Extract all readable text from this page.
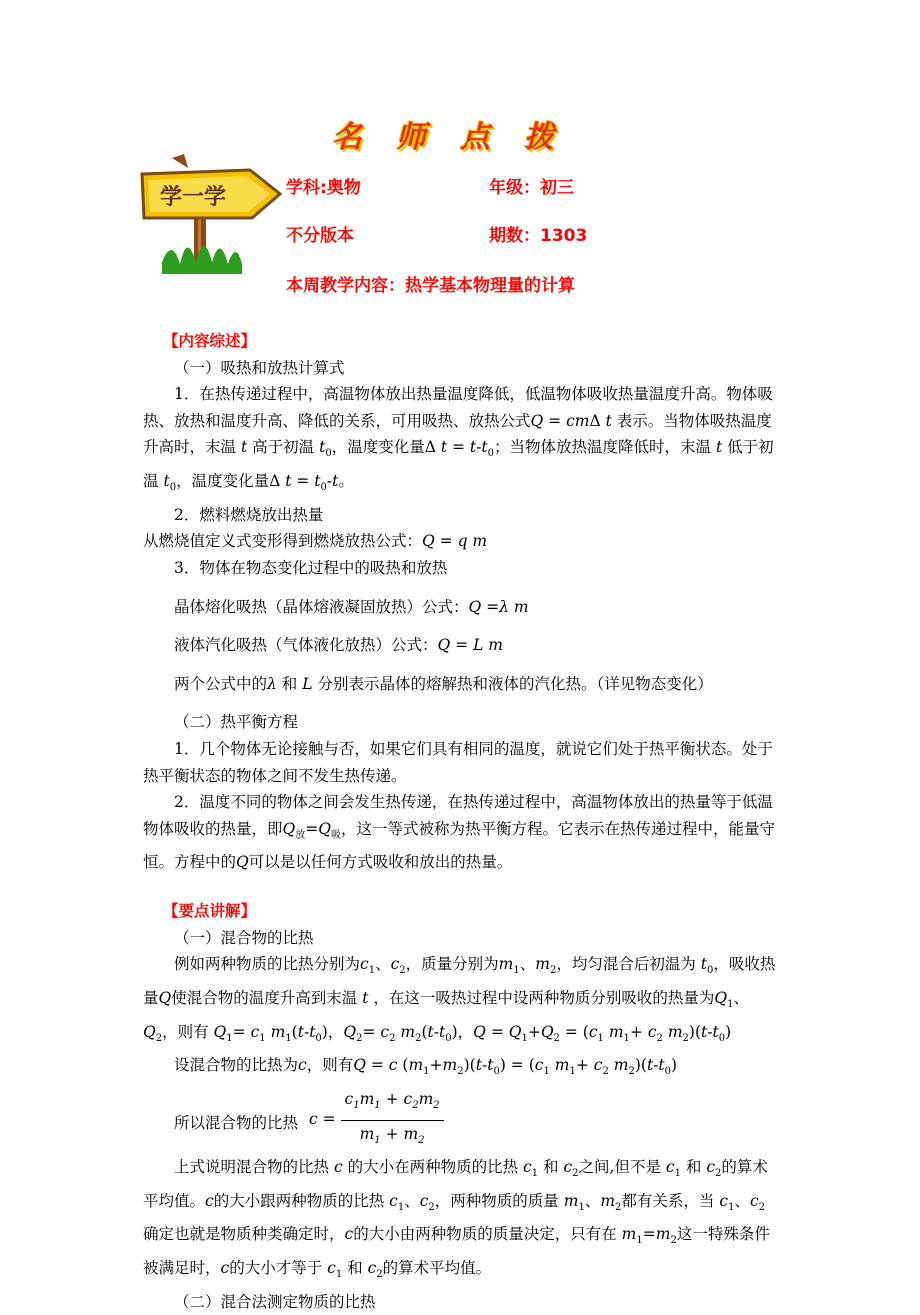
名师点拨
学一学	学科:奥物	年级：初三
不分版本	期数：1303
本周教学内容：热学基本物理量的计算

【内容综述】

（一）吸热和放热计算式

1．在热传递过程中，高温物体放出热量温度降低，低温物体吸收热量温度升高。物体吸热、放热和温度升高、降低的关系，可用吸热、放热公式Q = cmΔ t 表示。当物体吸热温度升高时，末温 t 高于初温 $t_0$，温度变化量Δ $t = t-t_0$；当物体放热温度降低时，末温 t 低于初温 $t_0$，温度变化量Δ $t = t_0-t$。

2．燃料燃烧放出热量

从燃烧值定义式变形得到燃烧放热公式：Q = q m

3．物体在物态变化过程中的吸热和放热

晶体熔化吸热（晶体熔液凝固放热）公式：Q =λ m

液体汽化吸热（气体液化放热）公式：Q = L m

两个公式中的λ 和 L 分别表示晶体的熔解热和液体的汽化热。（详见物态变化）

（二）热平衡方程

1．几个物体无论接触与否，如果它们具有相同的温度，就说它们处于热平衡状态。处于热平衡状态的物体之间不发生热传递。

2．温度不同的物体之间会发生热传递，在热传递过程中，高温物体放出的热量等于低温物体吸收的热量，即$Q_放=Q_吸$，这一等式被称为热平衡方程。它表示在热传递过程中，能量守恒。方程中的Q可以是以任何方式吸收和放出的热量。

【要点讲解】

（一）混合物的比热

例如两种物质的比热分别为$c_1$、$c_2$，质量分别为$m_1$、$m_2$，均匀混合后初温为 $t_0$，吸收热量Q使混合物的温度升高到末温 t ，在这一吸热过程中设两种物质分别吸收的热量为$Q_1$、$Q_2$，则有 $Q_1= c_1$ $m_1(t-t_0)$，$Q_2= c_2$ $m_2(t-t_0)$，$Q = Q_1+Q_2 = (c_1$ $m_1+ c_2$ $m_2)(t-t_0)$

设混合物的比热为c，则有Q = c $(m_1+m_2)(t-t_0) = (c_1$ $m_1+ c_2$ $m_2)(t-t_0)$

所以混合物的比热 $c = \frac{c_1m_1 + c_2m_2}{m_1 + m_2}$

上式说明混合物的比热 c 的大小在两种物质的比热 $c_1$ 和 $c_2$之间,但不是 $c_1$ 和 $c_2$的算术平均值。c的大小跟两种物质的比热 $c_1$、$c_2$，两种物质的质量 $m_1$、$m_2$都有关系，当 $c_1$、$c_2$ 确定也就是物质种类确定时，c的大小由两种物质的质量决定，只有在 $m_1=m_2$这一特殊条件被满足时，c的大小才等于 $c_1$ 和 $c_2$的算术平均值。

（二）混合法测定物质的比热
